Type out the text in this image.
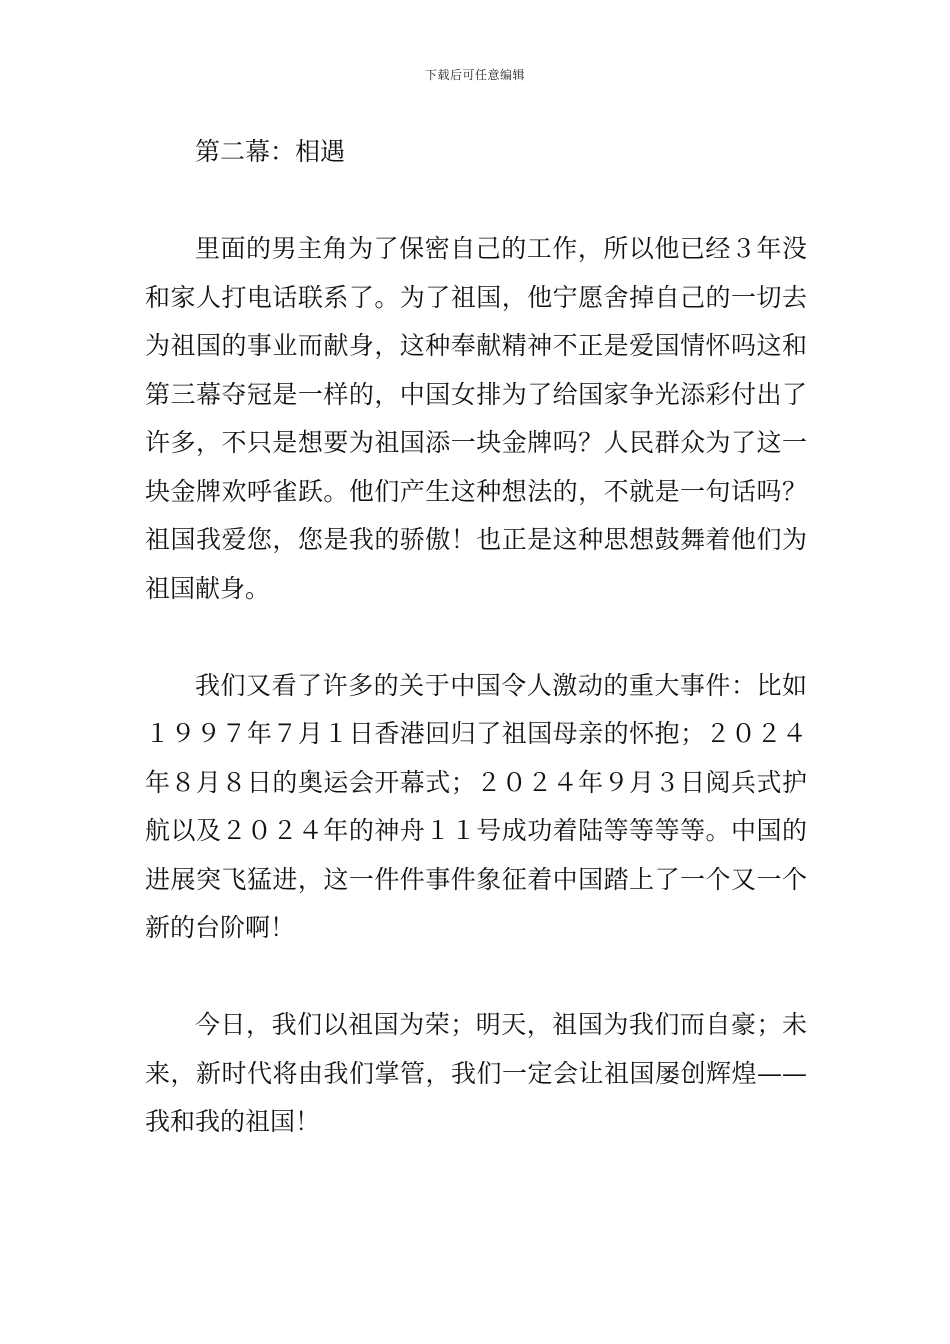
下载后可任意编辑

第二幕：相遇

里面的男主角为了保密自己的工作，所以他已经３年没和家人打电话联系了。为了祖国，他宁愿舍掉自己的一切去为祖国的事业而献身，这种奉献精神不正是爱国情怀吗这和第三幕夺冠是一样的，中国女排为了给国家争光添彩付出了许多，不只是想要为祖国添一块金牌吗？人民群众为了这一块金牌欢呼雀跃。他们产生这种想法的，不就是一句话吗？祖国我爱您，您是我的骄傲！也正是这种思想鼓舞着他们为祖国献身。

我们又看了许多的关于中国令人激动的重大事件：比如１９９７年７月１日香港回归了祖国母亲的怀抱；２０２４年８月８日的奥运会开幕式；２０２４年９月３日阅兵式护航以及２０２４年的神舟１１号成功着陆等等等等。中国的进展突飞猛进，这一件件事件象征着中国踏上了一个又一个新的台阶啊！

今日，我们以祖国为荣；明天，祖国为我们而自豪；未来，新时代将由我们掌管，我们一定会让祖国屡创辉煌——我和我的祖国！
